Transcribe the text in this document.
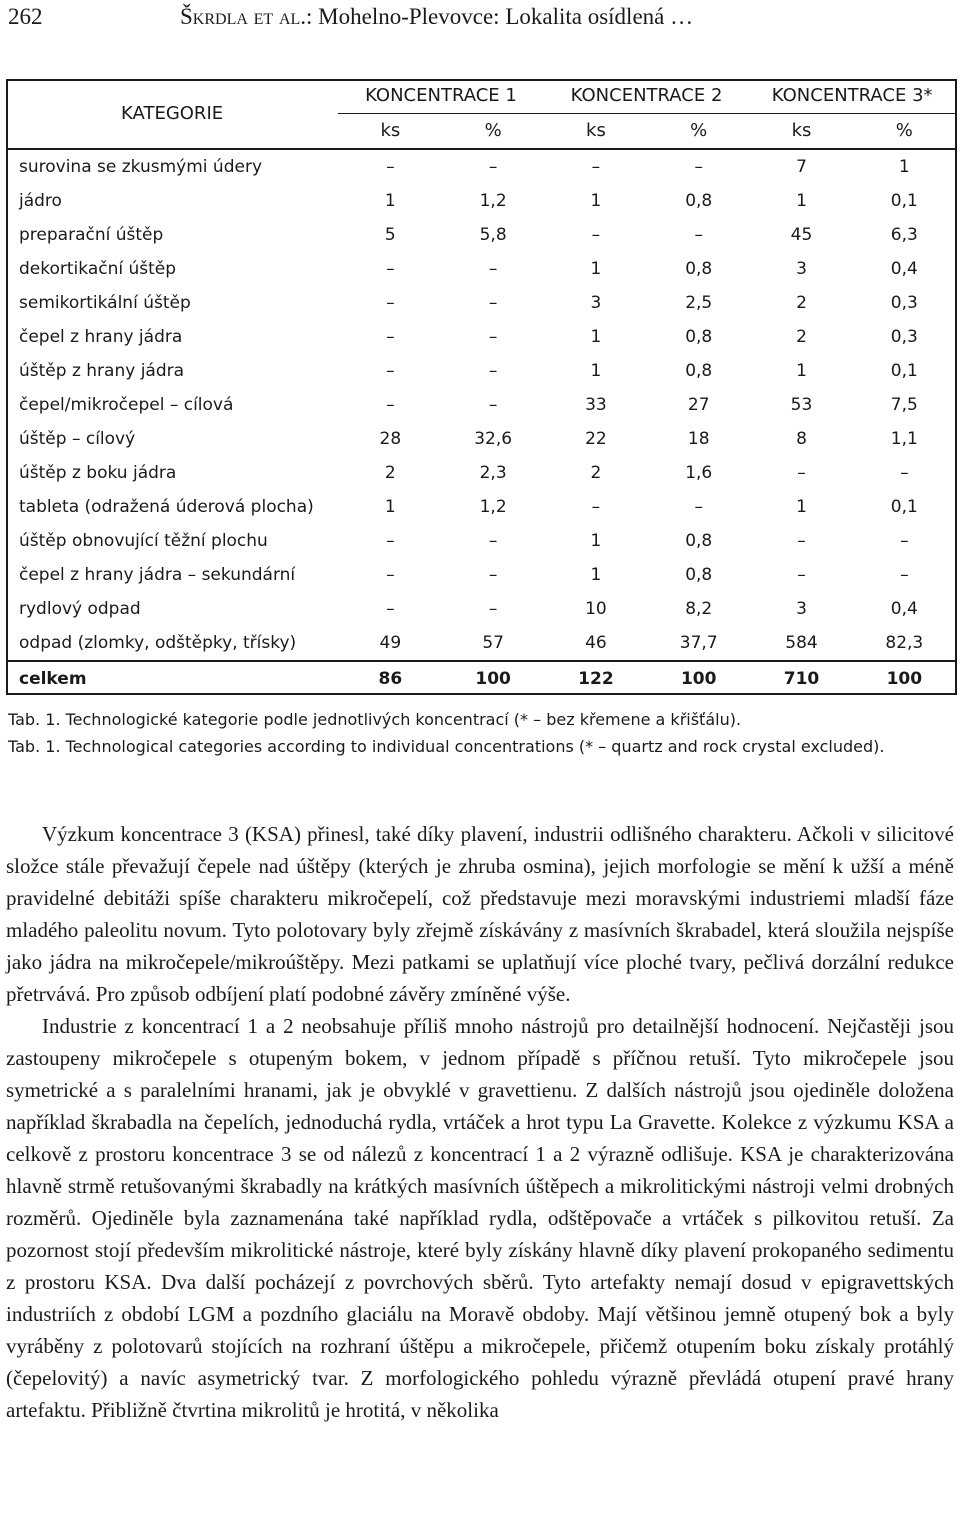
262	Škrdla et al.: Mohelno-Plevovce: Lokalita osídlená …
KATEGORIE	KONCENTRACE 1		KONCENTRACE 2		KONCENTRACE 3*	
	ks	%	ks	%	ks	%
surovina se zkusmými údery	–	–	–	–	7	1
jádro	1	1,2	1	0,8	1	0,1
preparační úštěp	5	5,8	–	–	45	6,3
dekortikační úštěp	–	–	1	0,8	3	0,4
semikortikální úštěp	–	–	3	2,5	2	0,3
čepel z hrany jádra	–	–	1	0,8	2	0,3
úštěp z hrany jádra	–	–	1	0,8	1	0,1
čepel/mikročepel – cílová	–	–	33	27	53	7,5
úštěp – cílový	28	32,6	22	18	8	1,1
úštěp z boku jádra	2	2,3	2	1,6	–	–
tableta (odražená úderová plocha)	1	1,2	–	–	1	0,1
úštěp obnovující těžní plochu	–	–	1	0,8	–	–
čepel z hrany jádra – sekundární	–	–	1	0,8	–	–
rydlový odpad	–	–	10	8,2	3	0,4
odpad (zlomky, odštěpky, třísky)	49	57	46	37,7	584	82,3
celkem	86	100	122	100	710	100
Tab. 1. Technologické kategorie podle jednotlivých koncentrací (* – bez křemene a křišťálu).
Tab. 1. Technological categories according to individual concentrations (* – quartz and rock crystal excluded).

Výzkum koncentrace 3 (KSA) přinesl, také díky plavení, industrii odlišného charakteru. Ačkoli v silicitové složce stále převažují čepele nad úštěpy (kterých je zhruba osmina), jejich morfologie se mění k užší a méně pravidelné debitáži spíše charakteru mikročepelí, což představuje mezi moravskými industriemi mladší fáze mladého paleolitu novum. Tyto polotovary byly zřejmě získávány z masívních škrabadel, která sloužila nejspíše jako jádra na mikročepele/mikroúštěpy. Mezi patkami se uplatňují více ploché tvary, pečlivá dorzální redukce přetrvává. Pro způsob odbíjení platí podobné závěry zmíněné výše.

Industrie z koncentrací 1 a 2 neobsahuje příliš mnoho nástrojů pro detailnější hodnocení. Nejčastěji jsou zastoupeny mikročepele s otupeným bokem, v jednom případě s příčnou retuší. Tyto mikročepele jsou symetrické a s paralelními hranami, jak je obvyklé v gravettienu. Z dalších nástrojů jsou ojediněle doložena například škrabadla na čepelích, jednoduchá rydla, vrtáček a hrot typu La Gravette. Kolekce z výzkumu KSA a celkově z prostoru koncentrace 3 se od nálezů z koncentrací 1 a 2 výrazně odlišuje. KSA je charakterizována hlavně strmě retušovanými škrabadly na krátkých masívních úštěpech a mikrolitickými nástroji velmi drobných rozměrů. Ojediněle byla zaznamenána také například rydla, odštěpovače a vrtáček s pilkovitou retuší. Za pozornost stojí především mikrolitické nástroje, které byly získány hlavně díky plavení prokopaného sedimentu z prostoru KSA. Dva další pocházejí z povrchových sběrů. Tyto artefakty nemají dosud v epigravettských industriích z období LGM a pozdního glaciálu na Moravě obdoby. Mají většinou jemně otupený bok a byly vyráběny z polotovarů stojících na rozhraní úštěpu a mikročepele, přičemž otupením boku získaly protáhlý (čepelovitý) a navíc asymetrický tvar. Z morfologického pohledu výrazně převládá otupení pravé hrany artefaktu. Přibližně čtvrtina mikrolitů je hrotitá, v několika
